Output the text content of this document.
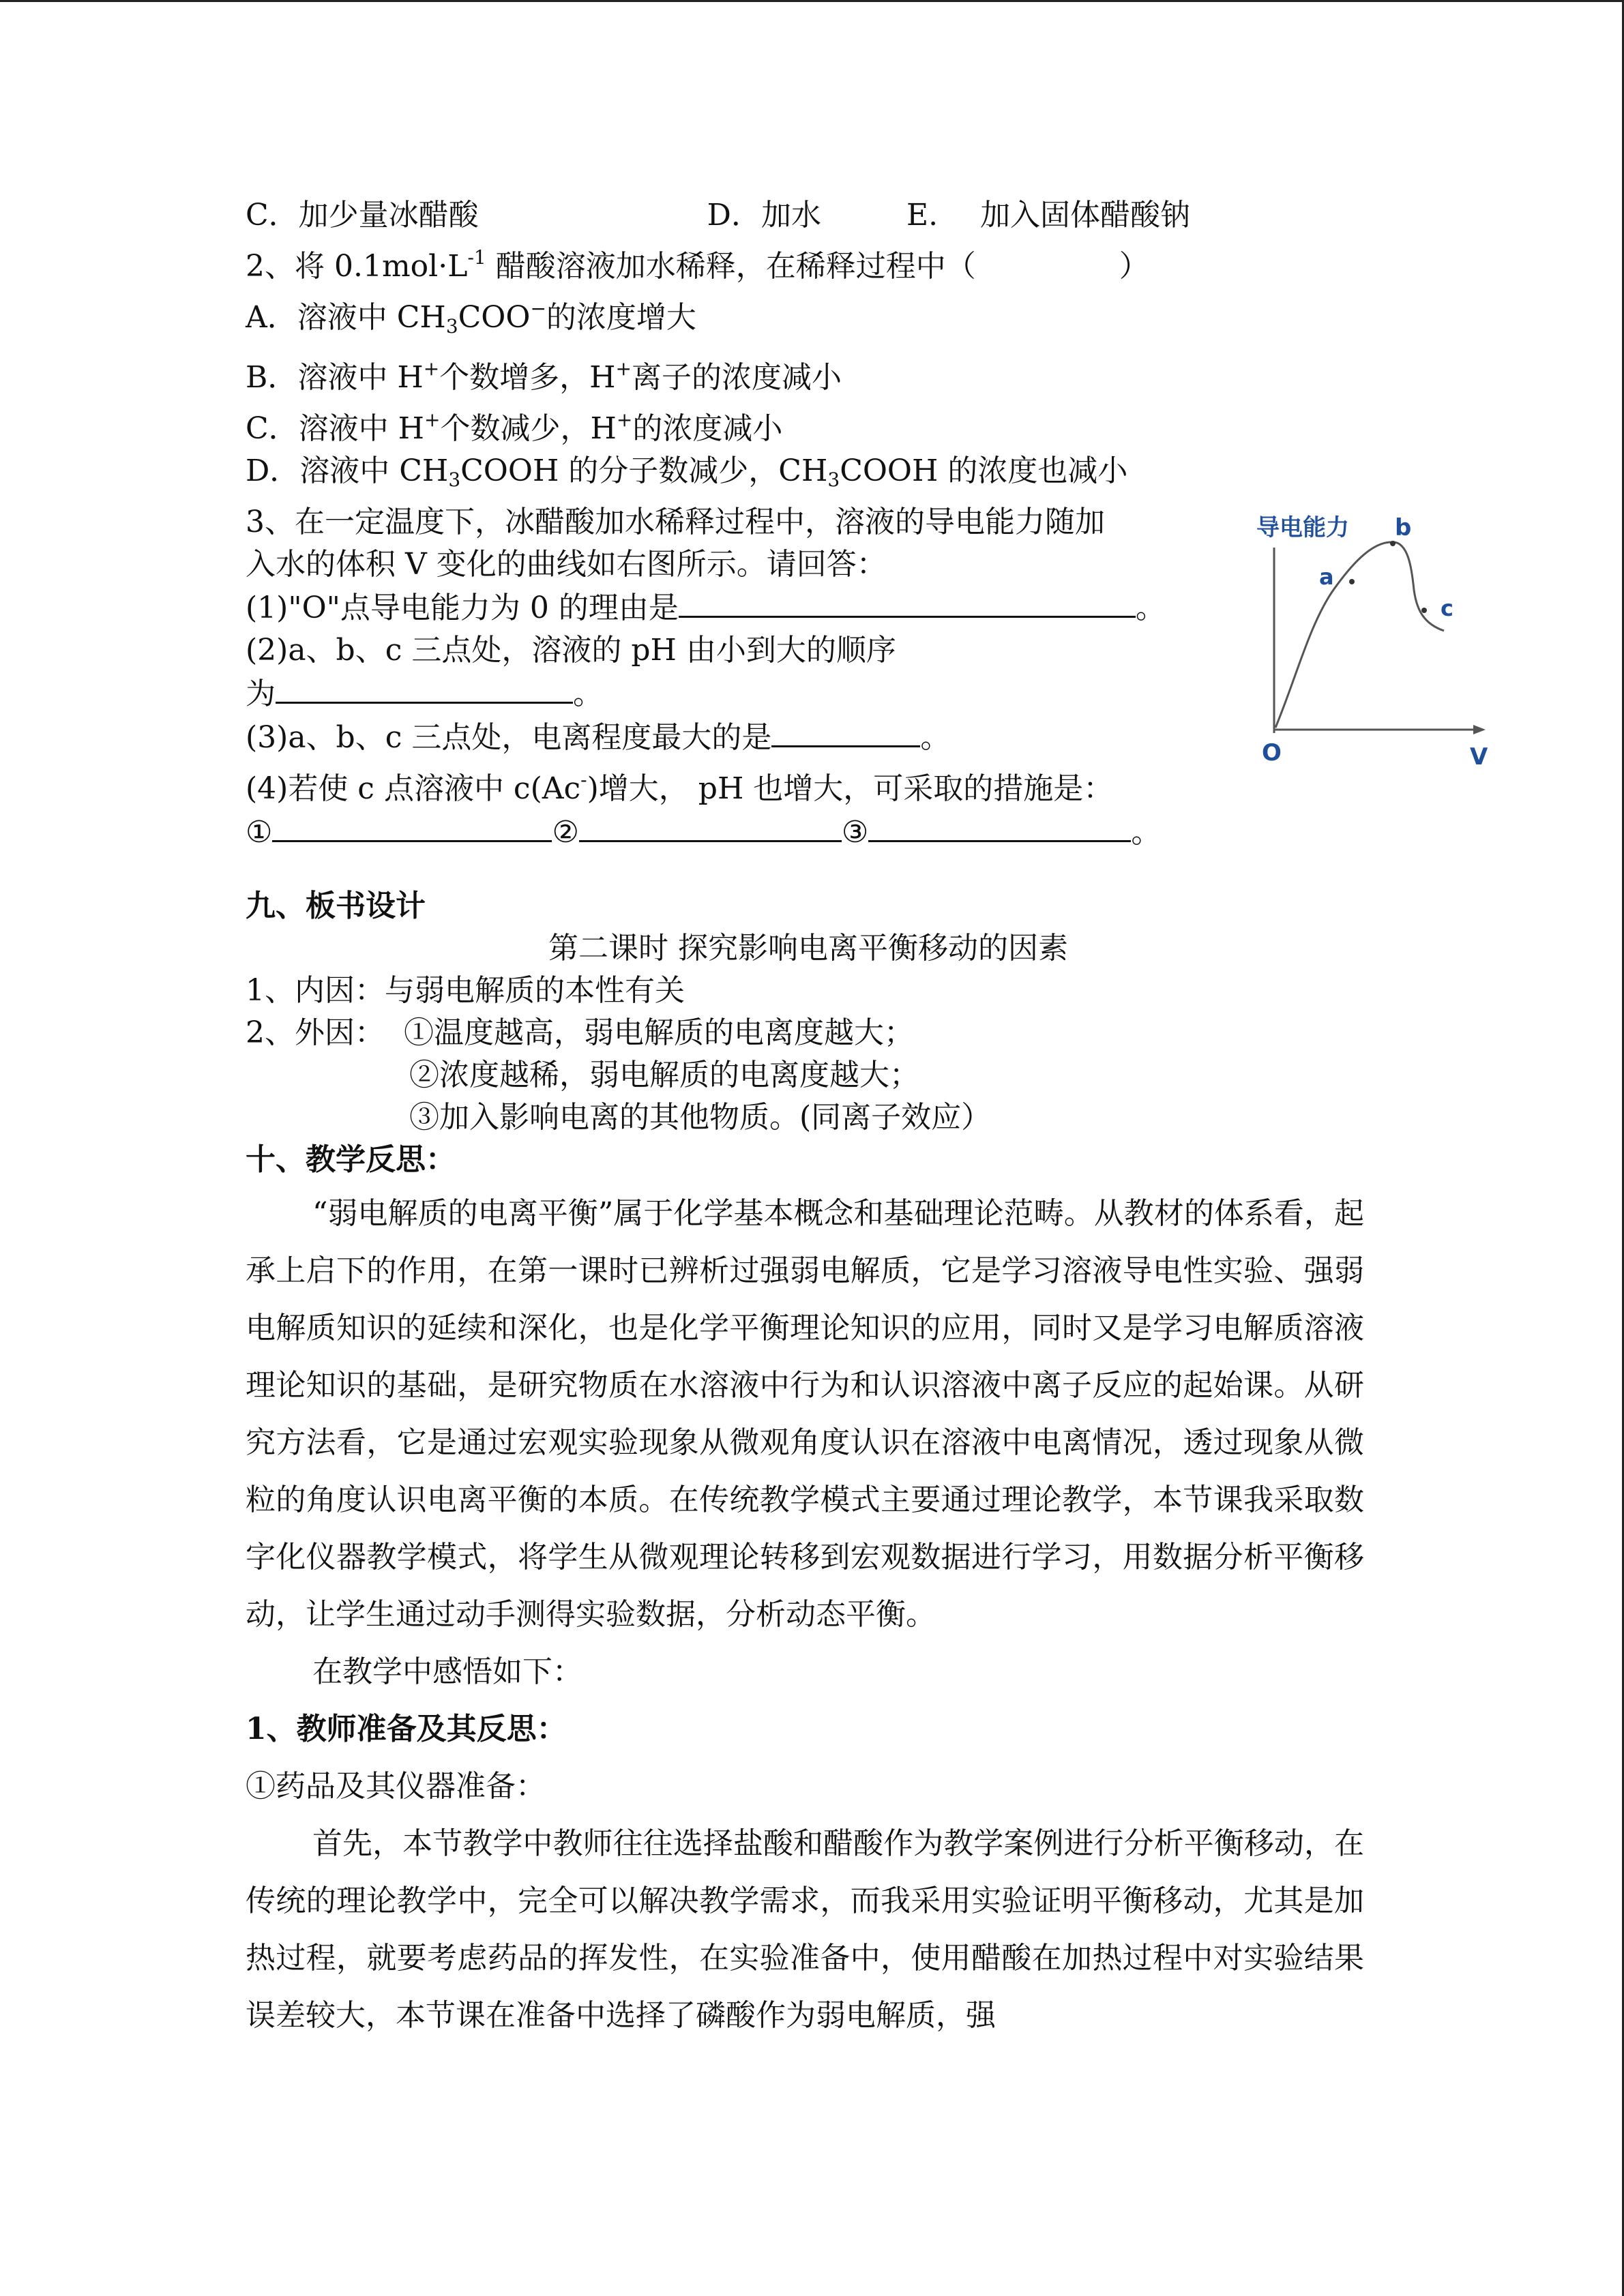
C．加少量冰醋酸	D．加水	E. 加入固体醋酸钠
2、将 $0.1mol\cdot L^{-1}$ 醋酸溶液加水稀释，在稀释过程中（	）
A．溶液中 $CH_3COO^-$的浓度增大
B．溶液中 H+个数增多，H+离子的浓度减小
C．溶液中 H+个数减少，H+的浓度减小
D．溶液中 $CH_3COOH$ 的分子数减少，$CH_3COOH$ 的浓度也减小
3、在一定温度下，冰醋酸加水稀释过程中，溶液的导电能力随加
入水的体积 V 变化的曲线如右图所示。请回答：
(1)"O"点导电能力为 0 的理由是	。
(2)a、b、c 三点处，溶液的 pH 由小到大的顺序
为	。
(3)a、b、c 三点处，电离程度最大的是	。
(4)若使 c 点溶液中 c(Ac-)增大， pH 也增大，可采取的措施是：
①	②	③	。
九、板书设计
第二课时 探究影响电离平衡移动的因素
1、内因：与弱电解质的本性有关
2、外因： ①温度越高，弱电解质的电离度越大；
②浓度越稀，弱电解质的电离度越大；
③加入影响电离的其他物质。(同离子效应）
十、教学反思：
“弱电解质的电离平衡”属于化学基本概念和基础理论范畴。从教材的体系看，起承上启下的作用，在第一课时已辨析过强弱电解质，它是学习溶液导电性实验、强弱电解质知识的延续和深化，也是化学平衡理论知识的应用，同时又是学习电解质溶液理论知识的基础，是研究物质在水溶液中行为和认识溶液中离子反应的起始课。从研究方法看，它是通过宏观实验现象从微观角度认识在溶液中电离情况，透过现象从微粒的角度认识电离平衡的本质。在传统教学模式主要通过理论教学，本节课我采取数字化仪器教学模式，将学生从微观理论转移到宏观数据进行学习，用数据分析平衡移动，让学生通过动手测得实验数据，分析动态平衡。
在教学中感悟如下：
1、教师准备及其反思：
①药品及其仪器准备：
首先，本节教学中教师往往选择盐酸和醋酸作为教学案例进行分析平衡移动，在传统的理论教学中，完全可以解决教学需求，而我采用实验证明平衡移动，尤其是加热过程，就要考虑药品的挥发性，在实验准备中，使用醋酸在加热过程中对实验结果误差较大，本节课在准备中选择了磷酸作为弱电解质，强
导电能力 b
a
c
O	V
